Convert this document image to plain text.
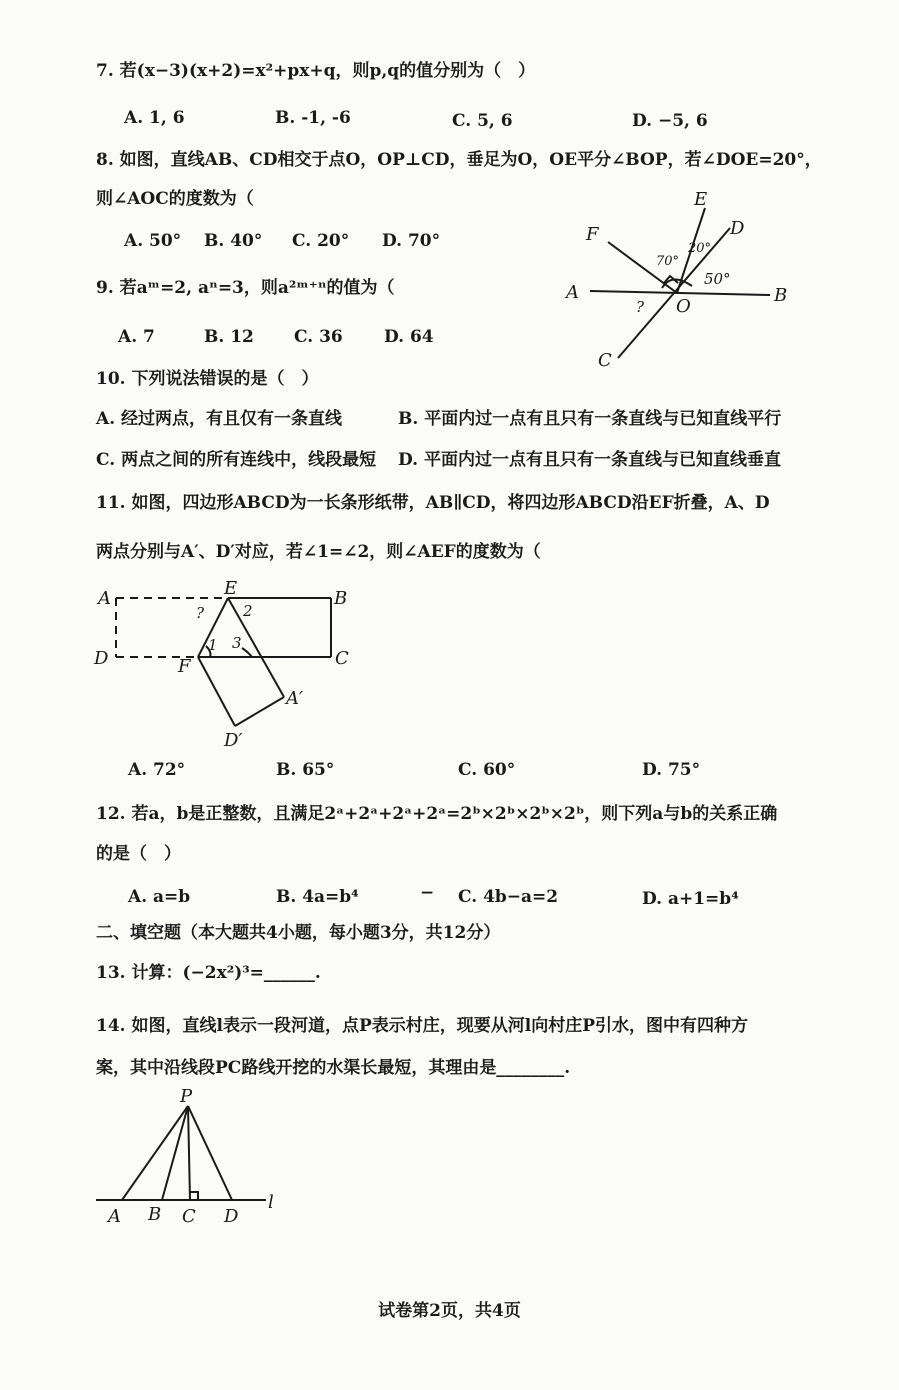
7. 若(x−3)(x+2)=x²+px+q，则p,q的值分别为（　）
A. 1, 6	B. -1, -6	C. 5, 6	D. −5, 6
8. 如图，直线AB、CD相交于点O，OP⊥CD，垂足为O，OE平分∠BOP，若∠DOE=20°，
则∠AOC的度数为（
A. 50° B. 40° C. 20° D. 70°
E
D
F
A	B
O
C
70°
20°
50°
?
9. 若aᵐ=2, aⁿ=3，则a²ᵐ⁺ⁿ的值为（
A. 7	B. 12 C. 36 D. 64
10. 下列说法错误的是（　）
A. 经过两点，有且仅有一条直线	B. 平面内过一点有且只有一条直线与已知直线平行
C. 两点之间的所有连线中，线段最短 D. 平面内过一点有且只有一条直线与已知直线垂直
11. 如图，四边形ABCD为一长条形纸带，AB∥CD，将四边形ABCD沿EF折叠，A、D
两点分别与A′、D′对应，若∠1=∠2，则∠AEF的度数为（
A	E	B
D	F	C
A′
D′
1
2
3
?
A. 72°	B. 65°	C. 60°	D. 75°
12. 若a，b是正整数，且满足2ᵃ+2ᵃ+2ᵃ+2ᵃ=2ᵇ×2ᵇ×2ᵇ×2ᵇ，则下列a与b的关系正确
的是（　）
A. a=b	B. 4a=b⁴	− C. 4b−a=2	D. a+1=b⁴
二、填空题（本大题共4小题，每小题3分，共12分）
13. 计算：(−2x²)³=______.
14. 如图，直线l表示一段河道，点P表示村庄，现要从河l向村庄P引水，图中有四种方
案，其中沿线段PC路线开挖的水渠长最短，其理由是________.
P
A B C D
l
试卷第2页，共4页
